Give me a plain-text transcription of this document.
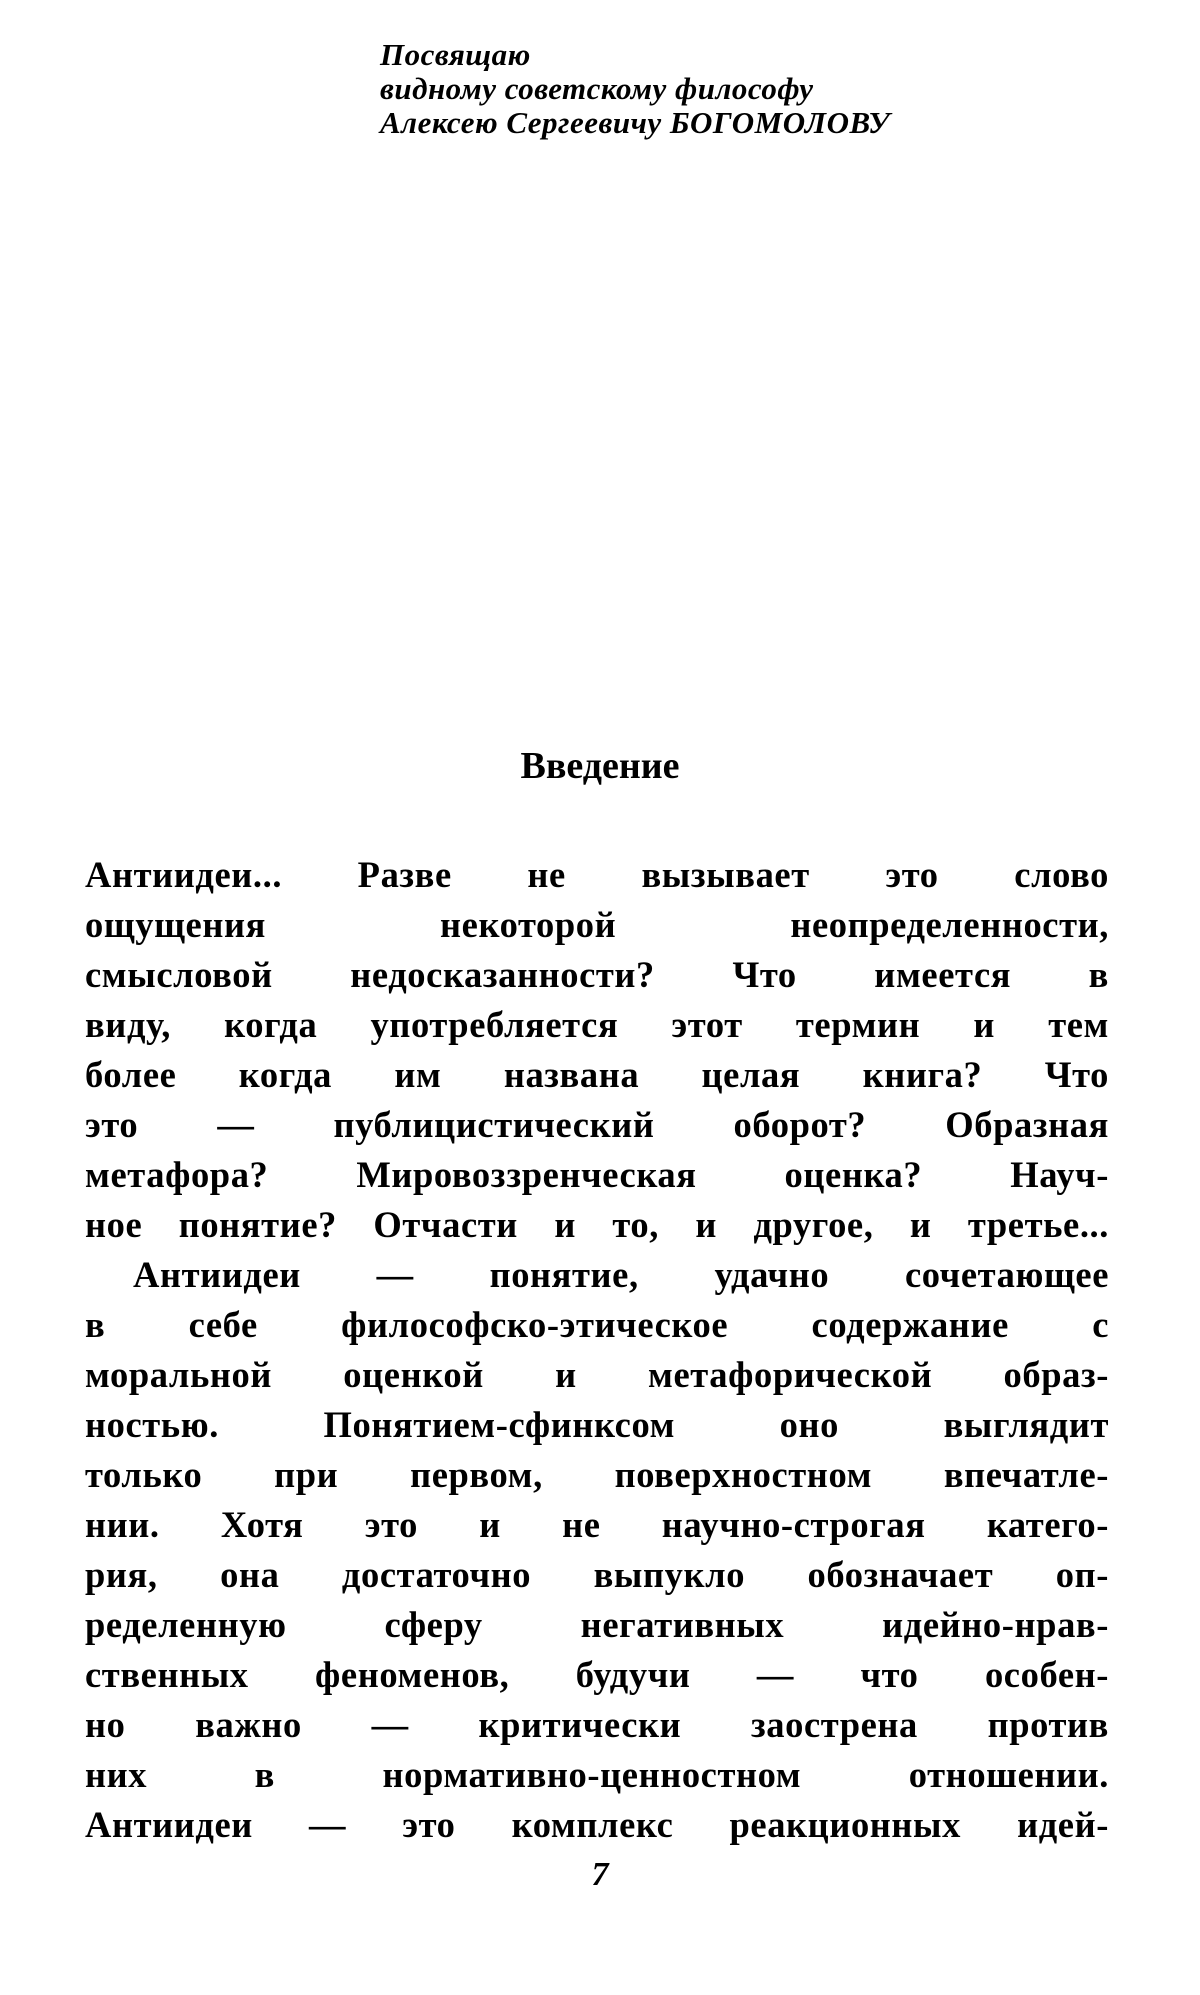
Посвящаю
видному советскому философу
Алексею Сергеевичу БОГОМОЛОВУ
Введение
Антиидеи... Разве не вызывает это слово
ощущения некоторой неопределенности,
смысловой недосказанности? Что имеется в
виду, когда употребляется этот термин и тем
более когда им названа целая книга? Что
это — публицистический оборот? Образная
метафора? Мировоззренческая оценка? Науч-
ное понятие? Отчасти и то, и другое, и третье...
Антиидеи — понятие, удачно сочетающее
в себе философско-этическое содержание с
моральной оценкой и метафорической образ-
ностью. Понятием-сфинксом оно выглядит
только при первом, поверхностном впечатле-
нии. Хотя это и не научно-строгая катего-
рия, она достаточно выпукло обозначает оп-
ределенную сферу негативных идейно-нрав-
ственных феноменов, будучи — что особен-
но важно — критически заострена против
них в нормативно-ценностном отношении.
Антиидеи — это комплекс реакционных идей-
7
